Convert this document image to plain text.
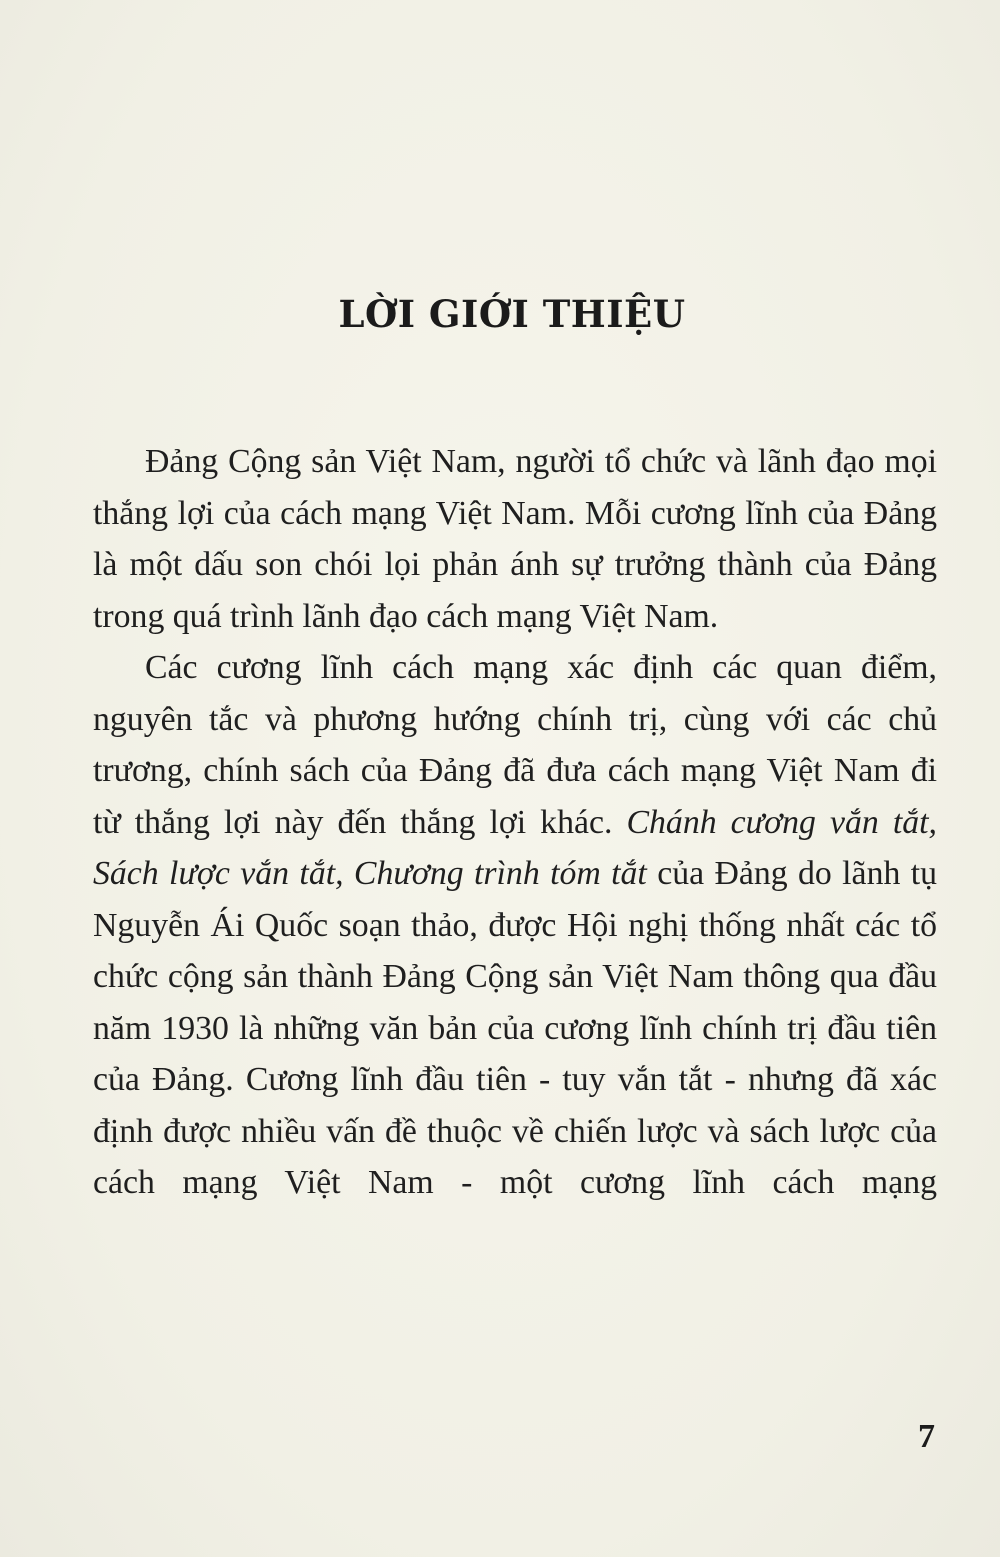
LỜI GIỚI THIỆU

Đảng Cộng sản Việt Nam, người tổ chức và lãnh đạo mọi thắng lợi của cách mạng Việt Nam. Mỗi cương lĩnh của Đảng là một dấu son chói lọi phản ánh sự trưởng thành của Đảng trong quá trình lãnh đạo cách mạng Việt Nam.

Các cương lĩnh cách mạng xác định các quan điểm, nguyên tắc và phương hướng chính trị, cùng với các chủ trương, chính sách của Đảng đã đưa cách mạng Việt Nam đi từ thắng lợi này đến thắng lợi khác. Chánh cương vắn tắt, Sách lược vắn tắt, Chương trình tóm tắt của Đảng do lãnh tụ Nguyễn Ái Quốc soạn thảo, được Hội nghị thống nhất các tổ chức cộng sản thành Đảng Cộng sản Việt Nam thông qua đầu năm 1930 là những văn bản của cương lĩnh chính trị đầu tiên của Đảng. Cương lĩnh đầu tiên - tuy vắn tắt - nhưng đã xác định được nhiều vấn đề thuộc về chiến lược và sách lược của cách mạng Việt Nam - một cương lĩnh cách mạng

7
